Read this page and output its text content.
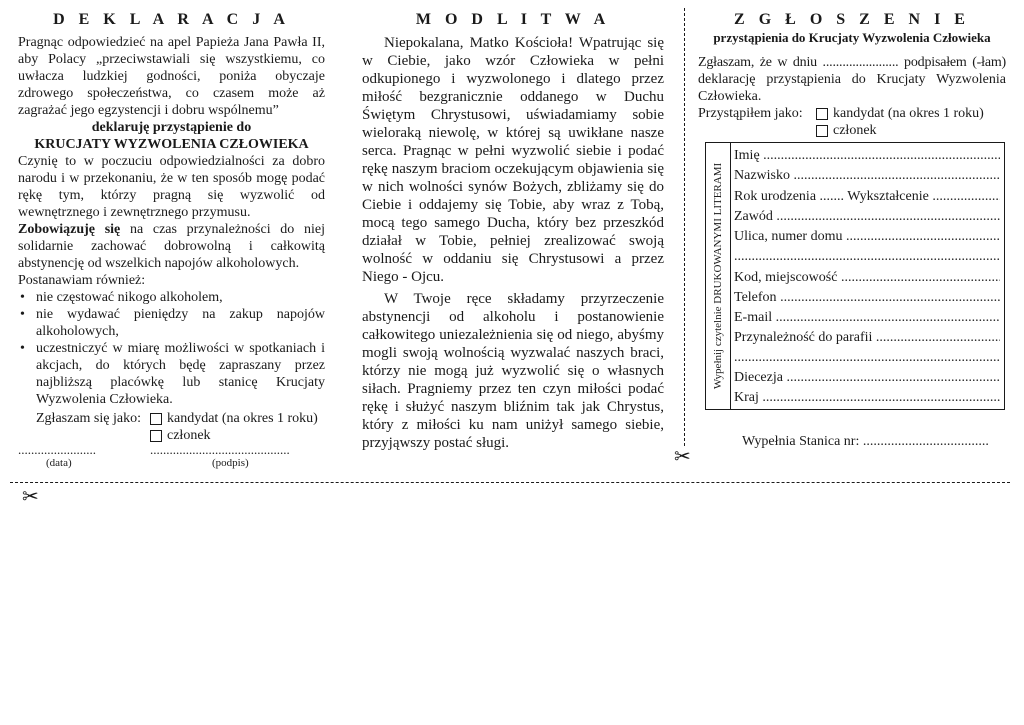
D E K L A R A C J A

Pragnąc odpowiedzieć na apel Papieża Jana Pawła II,

aby Polacy „przeciwstawiali się wszystkiemu, co

uwłacza ludzkiej godności, poniża obyczaje

zdrowego społeczeństwa, co czasem może aż

zagrażać jego egzystencji i dobru wspólnemu”

deklaruję przystąpienie do

KRUCJATY WYZWOLENIA CZŁOWIEKA

Czynię to w poczuciu odpowiedzialności za dobro narodu i w przekonaniu, że w ten sposób mogę podać rękę tym, którzy pragną się wyzwolić od wewnętrznego i zewnętrznego przymusu.

Zobowiązuję się na czas przynależności do niej solidarnie zachować dobrowolną i całkowitą abstynencję od wszelkich napojów alkoholowych.

Postanawiam również:

• nie częstować nikogo alkoholem,
• nie wydawać pieniędzy na zakup napojów alkoholowych,
• uczestniczyć w miarę możliwości w spotkaniach i akcjach, do których będę zapraszany przez najbliższą placówkę lub stanicę Krucjaty Wyzwolenia Człowieka.
Zgłaszam się jako:	kandydat (na okres 1 roku)
członek
........................
(data)
...........................................
(podpis)
M O D L I T W A

Niepokalana, Matko Kościoła! Wpatrując się w Ciebie, jako wzór Człowieka w pełni odkupionego i wyzwolonego i dlatego przez miłość bezgranicznie oddanego w Duchu Świętym Chrystusowi, uświadamiamy sobie wieloraką niewolę, w której są uwikłane nasze serca. Pragnąc w pełni wyzwolić siebie i podać rękę naszym braciom oczekującym objawienia się w nich wolności synów Bożych, zbliżamy się do Ciebie i oddajemy się Tobie, aby wraz z Tobą, mocą tego samego Ducha, który bez przeszkód działał w Tobie, pełniej zrealizować swoją wolność w oddaniu się Chrystusowi a przez Niego - Ojcu.

W Twoje ręce składamy przyrzeczenie abstynencji od alkoholu i postanowienie całkowitego uniezależnienia się od niego, abyśmy mogli swoją wolnością wyzwalać naszych braci, którzy nie mogą już wyzwolić się o własnych siłach. Pragniemy przez ten czyn miłości podać rękę i służyć naszym bliźnim tak jak Chrystus, który z miłości ku nam uniżył samego siebie, przyjąwszy postać sługi.

✂
✂
Z G Ł O S Z E N I E

przystąpienia do Krucjaty Wyzwolenia Człowieka

Zgłaszam, że w dniu ....................... podpisałem (-łam)

deklarację przystąpienia do Krucjaty Wyzwolenia Człowieka.

Przystąpiłem jako:	kandydat (na okres 1 roku)
członek
Wypełnij czytelnie DRUKOWANYMI LITERAMI
Imię .....
Nazwisko .....
Rok urodzenia ....... Wykształcenie .....
Zawód .....
Ulica, numer domu .....
.....
Kod, miejscowość .....
Telefon .....
E-mail .....
Przynależność do parafii .....
.....
Diecezja .....
Kraj .....
Wypełnia Stanica nr: ....................................
